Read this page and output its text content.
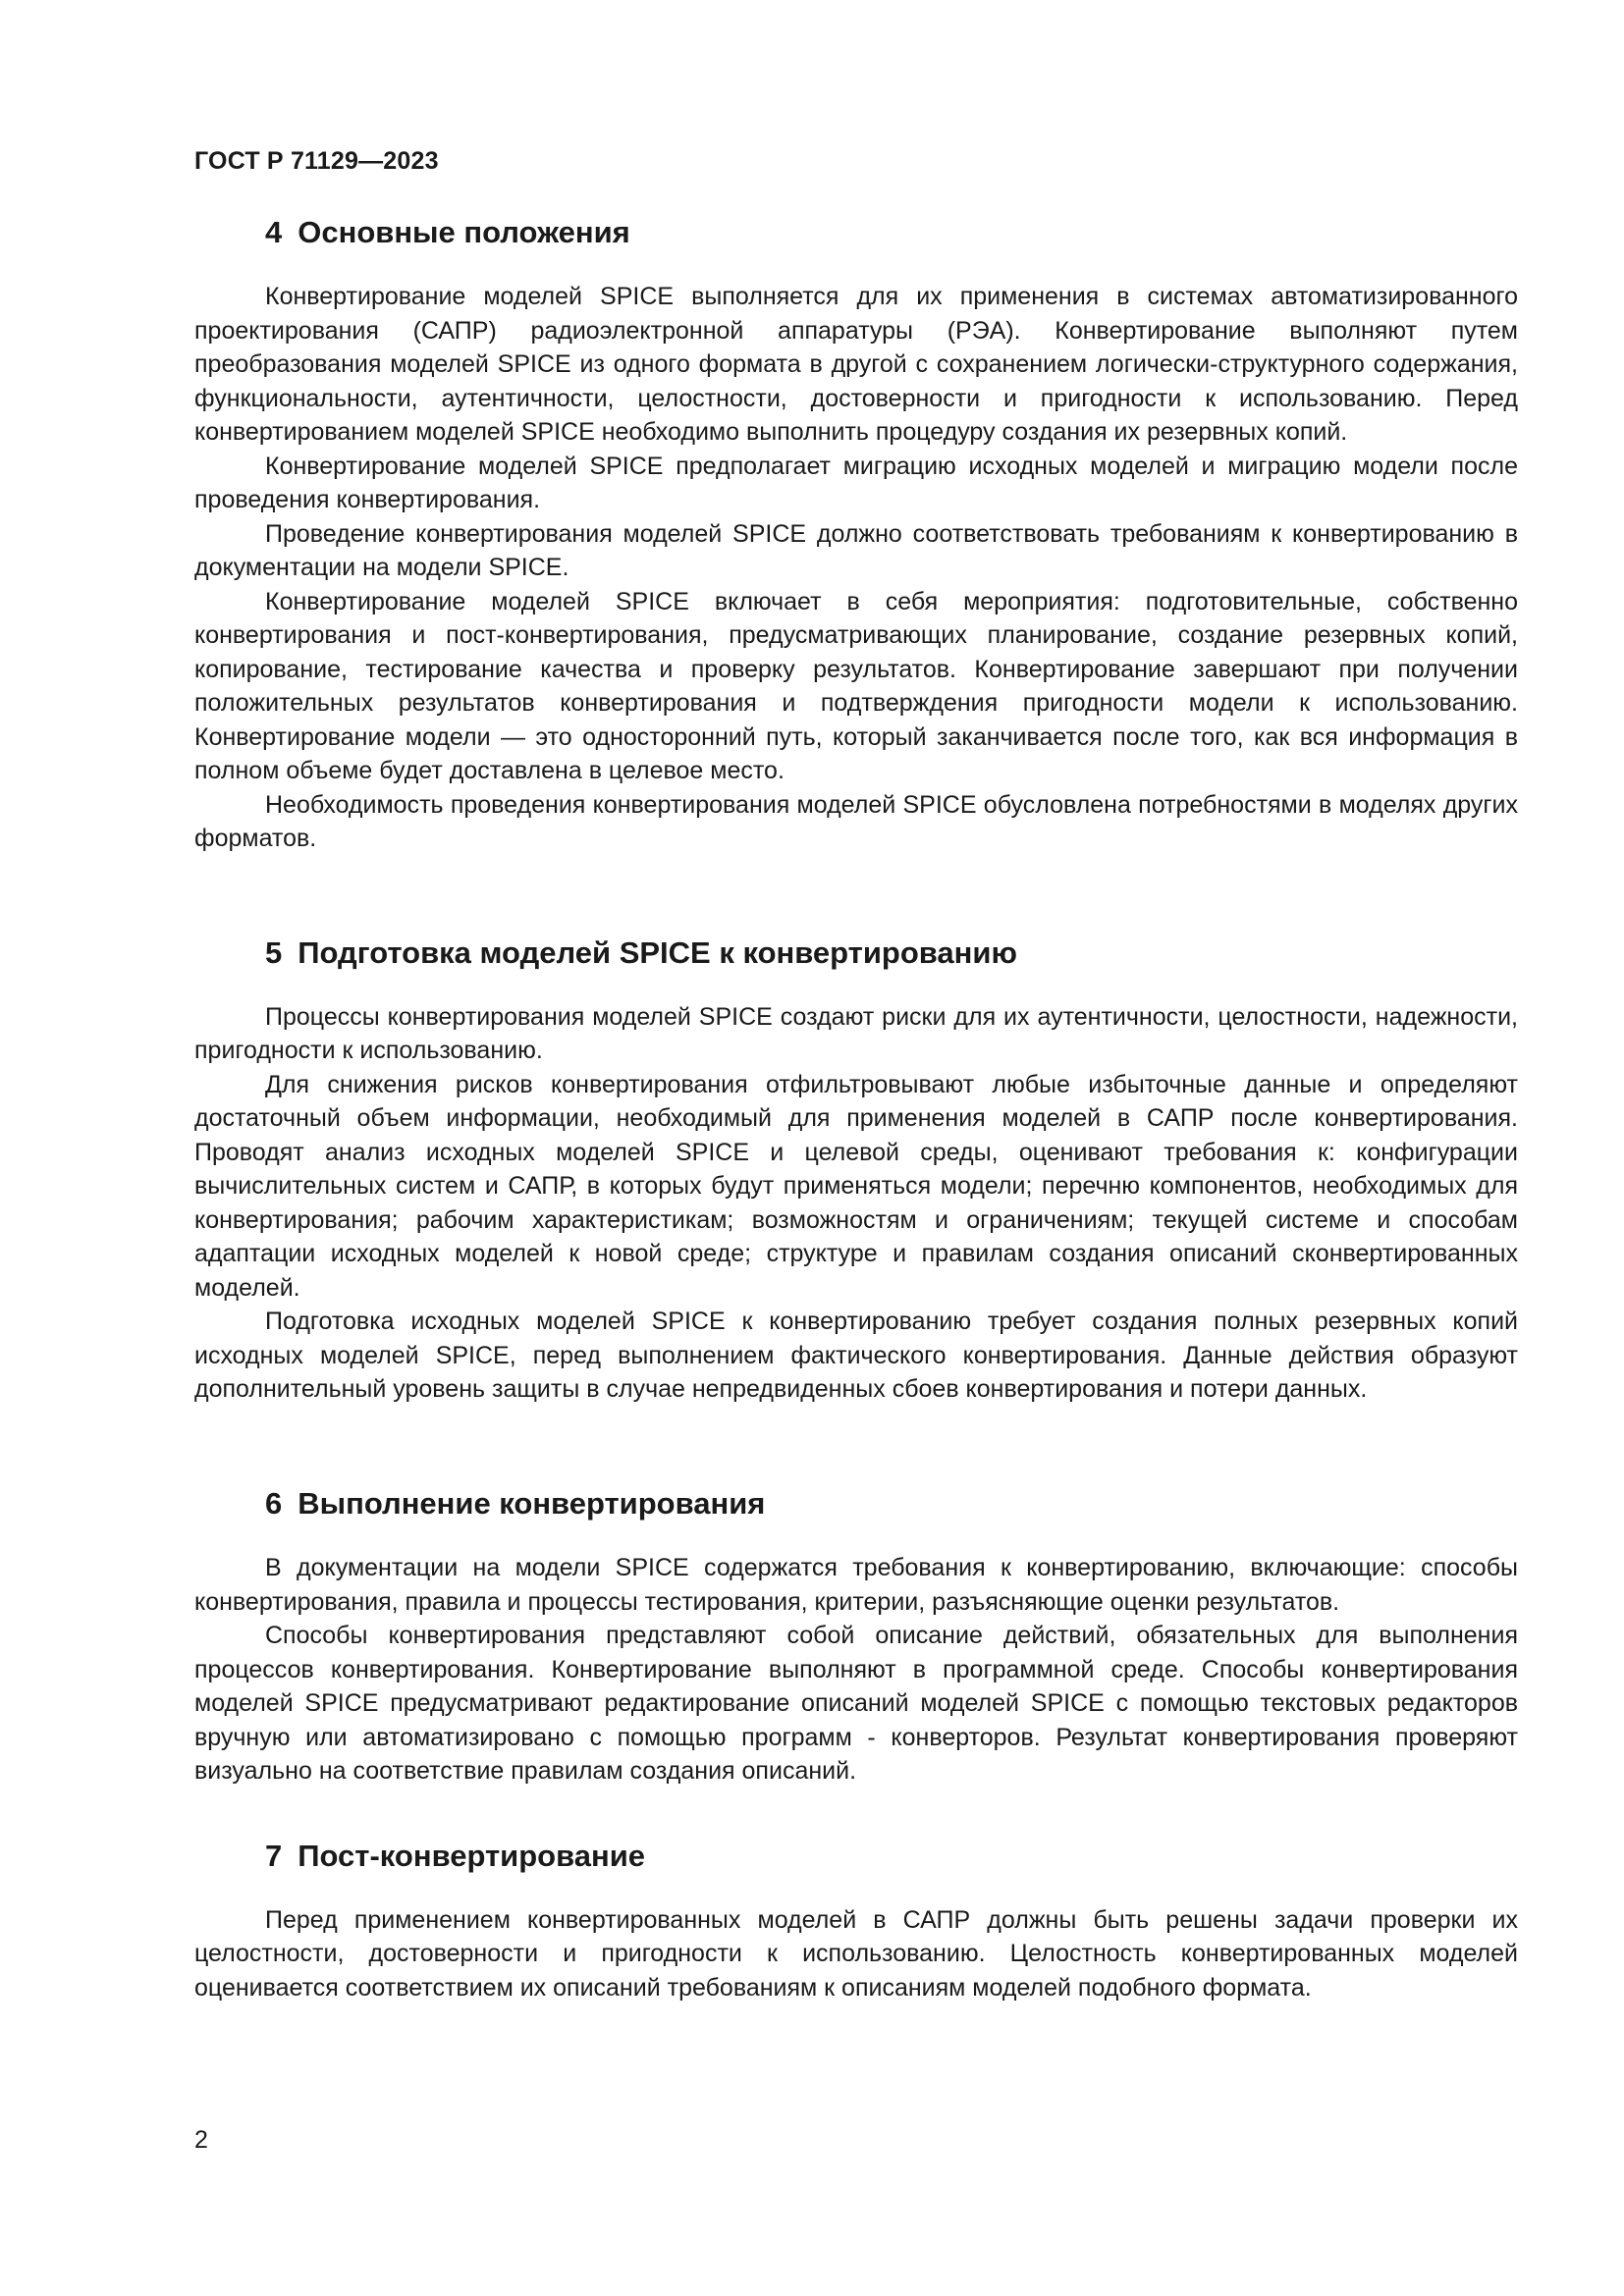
ГОСТ Р 71129—2023
4 Основные положения

Конвертирование моделей SPICE выполняется для их применения в системах автоматизированного проектирования (САПР) радиоэлектронной аппаратуры (РЭА). Конвертирование выполняют путем преобразования моделей SPICE из одного формата в другой с сохранением логически-структурного содержания, функциональности, аутентичности, целостности, достоверности и пригодности к использованию. Перед конвертированием моделей SPICE необходимо выполнить процедуру создания их резервных копий.

Конвертирование моделей SPICE предполагает миграцию исходных моделей и миграцию модели после проведения конвертирования.

Проведение конвертирования моделей SPICE должно соответствовать требованиям к конвертированию в документации на модели SPICE.

Конвертирование моделей SPICE включает в себя мероприятия: подготовительные, собственно конвертирования и пост-конвертирования, предусматривающих планирование, создание резервных копий, копирование, тестирование качества и проверку результатов. Конвертирование завершают при получении положительных результатов конвертирования и подтверждения пригодности модели к использованию. Конвертирование модели — это односторонний путь, который заканчивается после того, как вся информация в полном объеме будет доставлена в целевое место.

Необходимость проведения конвертирования моделей SPICE обусловлена потребностями в моделях других форматов.

5 Подготовка моделей SPICE к конвертированию

Процессы конвертирования моделей SPICE создают риски для их аутентичности, целостности, надежности, пригодности к использованию.

Для снижения рисков конвертирования отфильтровывают любые избыточные данные и определяют достаточный объем информации, необходимый для применения моделей в САПР после конвертирования. Проводят анализ исходных моделей SPICE и целевой среды, оценивают требования к: конфигурации вычислительных систем и САПР, в которых будут применяться модели; перечню компонентов, необходимых для конвертирования; рабочим характеристикам; возможностям и ограничениям; текущей системе и способам адаптации исходных моделей к новой среде; структуре и правилам создания описаний сконвертированных моделей.

Подготовка исходных моделей SPICE к конвертированию требует создания полных резервных копий исходных моделей SPICE, перед выполнением фактического конвертирования. Данные действия образуют дополнительный уровень защиты в случае непредвиденных сбоев конвертирования и потери данных.

6 Выполнение конвертирования

В документации на модели SPICE содержатся требования к конвертированию, включающие: способы конвертирования, правила и процессы тестирования, критерии, разъясняющие оценки результатов.

Способы конвертирования представляют собой описание действий, обязательных для выполнения процессов конвертирования. Конвертирование выполняют в программной среде. Способы конвертирования моделей SPICE предусматривают редактирование описаний моделей SPICE с помощью текстовых редакторов вручную или автоматизировано с помощью программ - конверторов. Результат конвертирования проверяют визуально на соответствие правилам создания описаний.

7 Пост-конвертирование

Перед применением конвертированных моделей в САПР должны быть решены задачи проверки их целостности, достоверности и пригодности к использованию. Целостность конвертированных моделей оценивается соответствием их описаний требованиям к описаниям моделей подобного формата.

2
